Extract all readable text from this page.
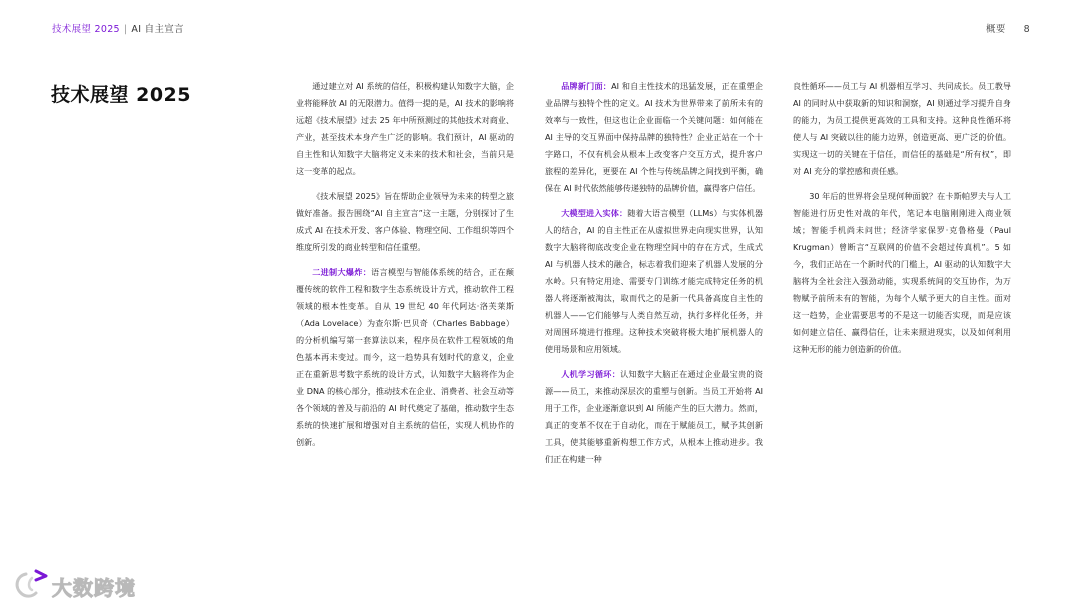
技术展望 2025 | AI 自主宣言	概要 8
技术展望 2025	通过建立对 AI 系统的信任，积极构建认知数字大脑，企业将能释放 AI 的无限潜力。值得一提的是，AI 技术的影响将远超《技术展望》过去 25 年中所预测过的其他技术对商业、产业，甚至技术本身产生广泛的影响。我们预计，AI 驱动的自主性和认知数字大脑将定义未来的技术和社会，当前只是这一变革的起点。

《技术展望 2025》旨在帮助企业领导为未来的转型之旅做好准备。报告围绕“AI 自主宣言”这一主题，分别探讨了生成式 AI 在技术开发、客户体验、物理空间、工作组织等四个维度所引发的商业转型和信任重塑。

二进制大爆炸：语言模型与智能体系统的结合，正在颠覆传统的软件工程和数字生态系统设计方式，推动软件工程领域的根本性变革。自从 19 世纪 40 年代阿达·洛芙莱斯（Ada Lovelace）为查尔斯·巴贝奇（Charles Babbage）的分析机编写第一套算法以来，程序员在软件工程领域的角色基本再未变过。而今，这一趋势具有划时代的意义，企业正在重新思考数字系统的设计方式，认知数字大脑将作为企业 DNA 的核心部分，推动技术在企业、消费者、社会互动等各个领域的普及与前沿的 AI 时代奠定了基础，推动数字生态系统的快速扩展和增强对自主系统的信任，实现人机协作的创新。

品牌新门面：AI 和自主性技术的迅猛发展，正在重塑企业品牌与独特个性的定义。AI 技术为世界带来了前所未有的效率与一致性，但这也让企业面临一个关键问题：如何能在 AI 主导的交互界面中保持品牌的独特性？企业正站在一个十字路口，不仅有机会从根本上改变客户交互方式，提升客户旅程的差异化，更要在 AI 个性与传统品牌之间找到平衡，确保在 AI 时代依然能够传递独特的品牌价值，赢得客户信任。

大模型进入实体：随着大语言模型（LLMs）与实体机器人的结合，AI 的自主性正在从虚拟世界走向现实世界，认知数字大脑将彻底改变企业在物理空间中的存在方式，生成式 AI 与机器人技术的融合，标志着我们迎来了机器人发展的分水岭。只有特定用途、需要专门训练才能完成特定任务的机器人将逐渐被淘汰，取而代之的是新一代具备高度自主性的机器人——它们能够与人类自然互动，执行多样化任务，并对周围环境进行推理。这种技术突破将极大地扩展机器人的使用场景和应用领域。

人机学习循环：认知数字大脑正在通过企业最宝贵的资源——员工，来推动深层次的重塑与创新。当员工开始将 AI 用于工作，企业逐渐意识到 AI 所能产生的巨大潜力。然而，真正的变革不仅在于自动化，而在于赋能员工，赋予其创新工具，使其能够重新构想工作方式，从根本上推动进步。我们正在构建一种

良性循环——员工与 AI 机器相互学习、共同成长。员工教导 AI 的同时从中获取新的知识和洞察，AI 则通过学习提升自身的能力，为员工提供更高效的工具和支持。这种良性循环将使人与 AI 突破以往的能力边界，创造更高、更广泛的价值。实现这一切的关键在于信任，而信任的基础是“所有权”，即对 AI 充分的掌控感和责任感。

30 年后的世界将会呈现何种面貌？在卡斯帕罗夫与人工智能进行历史性对战的年代，笔记本电脑刚刚进入商业领域；智能手机尚未问世；经济学家保罗·克鲁格曼（Paul Krugman）曾断言“互联网的价值不会超过传真机”。5 如今，我们正站在一个新时代的门槛上，AI 驱动的认知数字大脑将为全社会注入强劲动能，实现系统间的交互协作，为万物赋予前所未有的智能，为每个人赋予更大的自主性。面对这一趋势，企业需要思考的不是这一切能否实现，而是应该如何建立信任、赢得信任，让未来照进现实，以及如何利用这种无形的能力创造新的价值。

大数跨境
